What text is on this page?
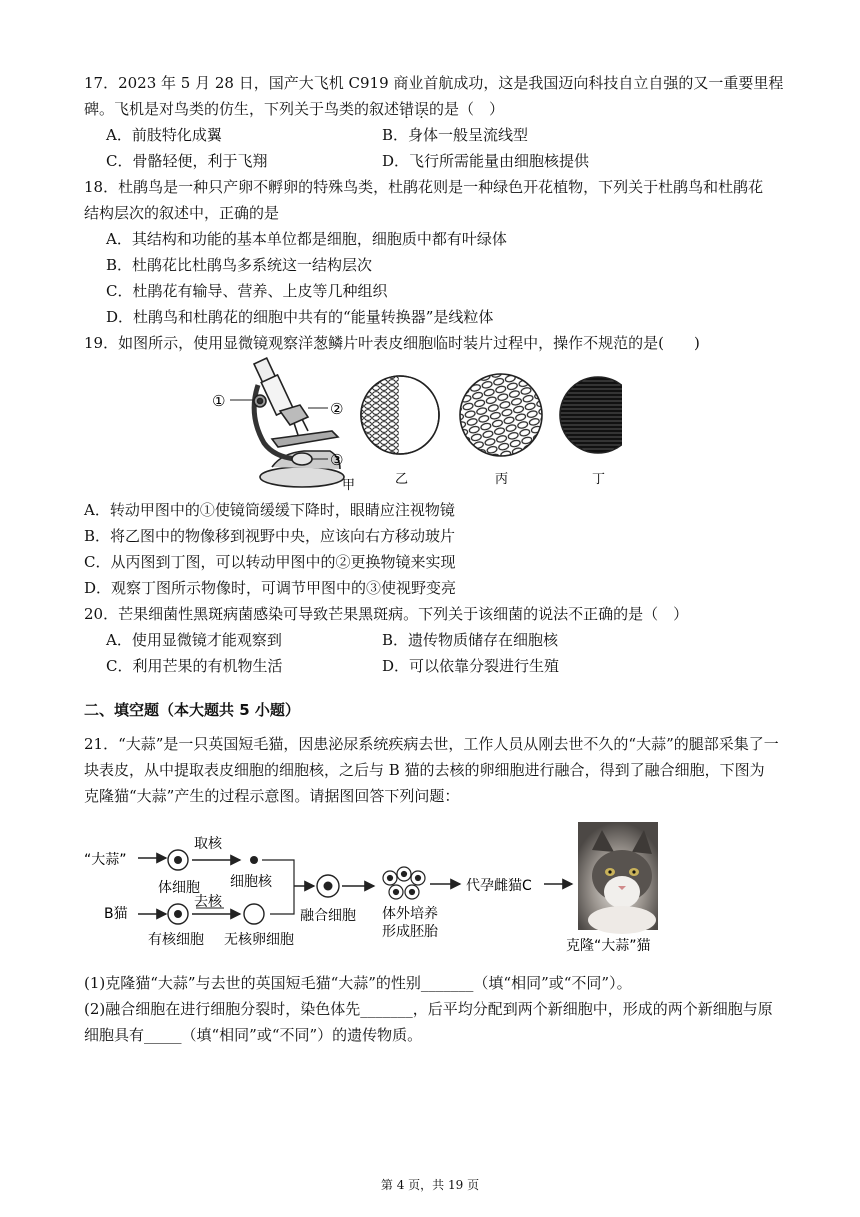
17．2023 年 5 月 28 日，国产大飞机 C919 商业首航成功，这是我国迈向科技自立自强的又一重要里程
碑。飞机是对鸟类的仿生，下列关于鸟类的叙述错误的是（　）
A．前肢特化成翼	B．身体一般呈流线型
C．骨骼轻便，利于飞翔	D．飞行所需能量由细胞核提供
18．杜鹃鸟是一种只产卵不孵卵的特殊鸟类，杜鹃花则是一种绿色开花植物，下列关于杜鹃鸟和杜鹃花
结构层次的叙述中，正确的是
A．其结构和功能的基本单位都是细胞，细胞质中都有叶绿体
B．杜鹃花比杜鹃鸟多系统这一结构层次
C．杜鹃花有输导、营养、上皮等几种组织
D．杜鹃鸟和杜鹃花的细胞中共有的“能量转换器”是线粒体
19．如图所示，使用显微镜观察洋葱鳞片叶表皮细胞临时装片过程中，操作不规范的是(　　)
①	②
③
甲	乙	丙	丁
A．转动甲图中的①使镜筒缓缓下降时，眼睛应注视物镜
B．将乙图中的物像移到视野中央，应该向右方移动玻片
C．从丙图到丁图，可以转动甲图中的②更换物镜来实现
D．观察丁图所示物像时，可调节甲图中的③使视野变亮
20．芒果细菌性黑斑病菌感染可导致芒果黑斑病。下列关于该细菌的说法不正确的是（　）
A．使用显微镜才能观察到	B．遗传物质储存在细胞核
C．利用芒果的有机物生活	D．可以依靠分裂进行生殖
二、填空题（本大题共 5 小题）
21．“大蒜”是一只英国短毛猫，因患泌尿系统疾病去世，工作人员从刚去世不久的“大蒜”的腿部采集了一
块表皮，从中提取表皮细胞的细胞核，之后与 B 猫的去核的卵细胞进行融合，得到了融合细胞，下图为
克隆猫“大蒜”产生的过程示意图。请据图回答下列问题：
“大蒜”
体细胞
取核
细胞核
B猫
有核细胞
去核
无核卵细胞
融合细胞 体外培养
形成胚胎
代孕雌猫C
克隆“大蒜”猫
(1)克隆猫“大蒜”与去世的英国短毛猫“大蒜”的性别_______（填“相同”或“不同”）。
(2)融合细胞在进行细胞分裂时，染色体先_______，后平均分配到两个新细胞中，形成的两个新细胞与原
细胞具有_____（填“相同”或“不同”）的遗传物质。
第 4 页，共 19 页
